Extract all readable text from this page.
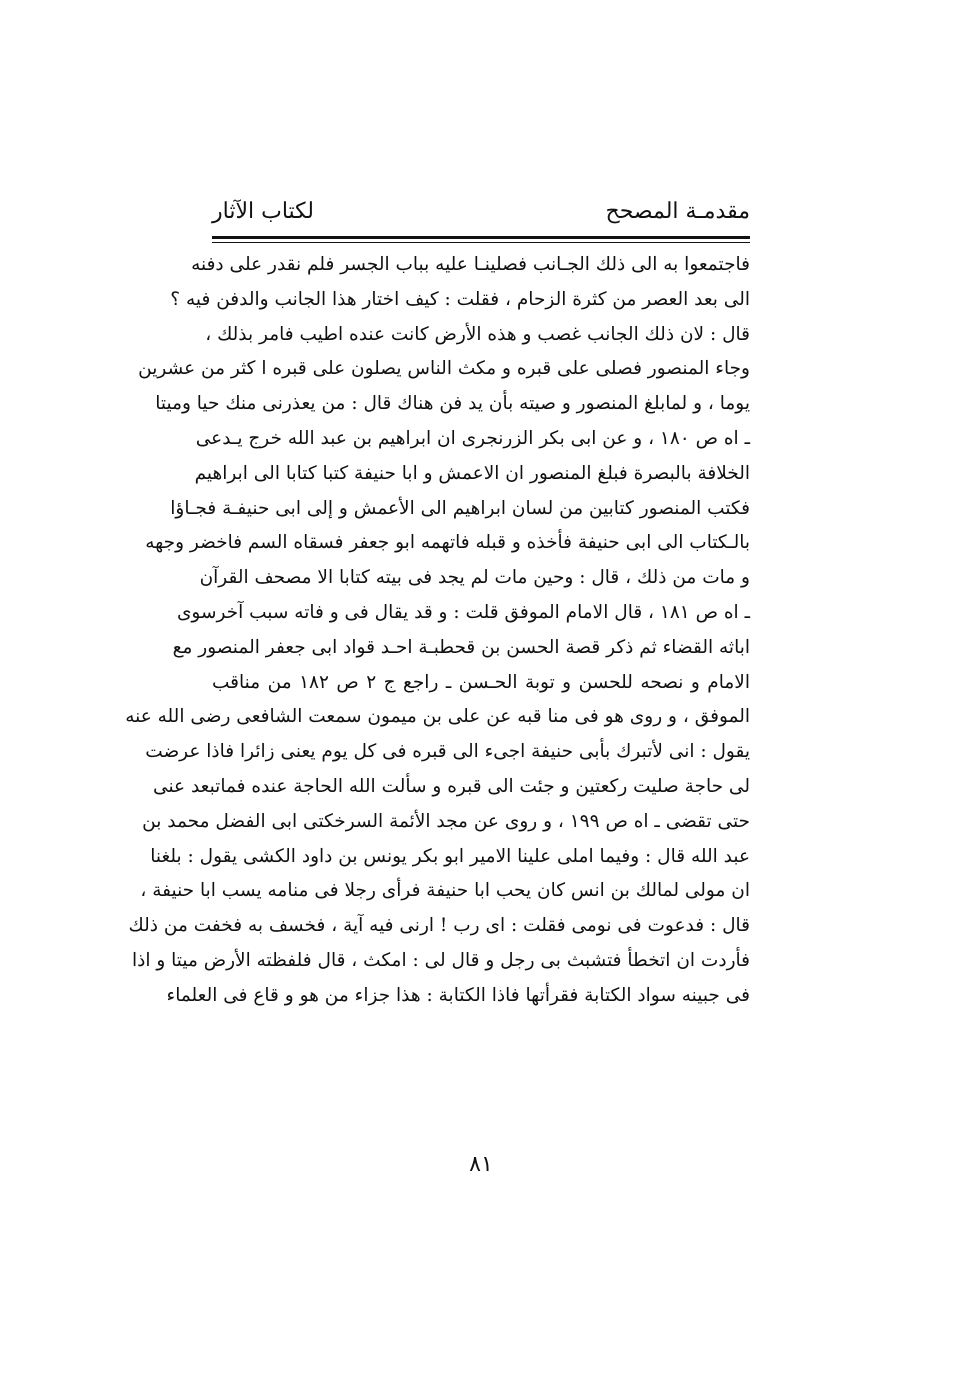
مقدمـة المصحح
لكتاب الآثار
فاجتمعوا به الى ذلك الجـانب فصلينـا عليه بباب الجسر فلم نقدر على دفنه
الى بعد العصر من كثرة الزحام ، فقلت : كيف اختار هذا الجانب والدفن فيه ؟
قال : لان ذلك الجانب غصب و هذه الأرض كانت عنده اطيب فامر بذلك ،
وجاء المنصور فصلى على قبره و مكث الناس يصلون على قبره ا كثر من عشرين
يوما ، و لمابلغ المنصور و صيته بأن يد فن هناك قال : من يعذرنى منك حيا وميتا
ـ اه ص ١٨٠ ، و عن ابى بكر الزرنجرى ان ابراهيم بن عبد الله خرج يـدعى
الخلافة بالبصرة فبلغ المنصور ان الاعمش و ابا حنيفة كتبا كتابا الى ابراهيم
فكتب المنصور كتابين من لسان ابراهيم الى الأعمش و إلى ابى حنيفـة فجـاؤا
بالـكتاب الى ابى حنيفة فأخذه و قبله فاتهمه ابو جعفر فسقاه السم فاخضر وجهه
و مات من ذلك ، قال : وحين مات لم يجد فى بيته كتابا الا مصحف القرآن
ـ اه ص ١٨١ ، قال الامام الموفق قلت : و قد يقال فى و فاته سبب آخرسوى
اباثه القضاء ثم ذكر قصة الحسن بن قحطبـة احـد قواد ابى جعفر المنصور مع
الامام و نصحه للحسن و توبة الحـسن ـ راجع ج ٢ ص ١٨٢ من مناقب
الموفق ، و روى هو فى منا قبه عن على بن ميمون سمعت الشافعى رضى الله عنه
يقول : انى لأتبرك بأبى حنيفة اجىء الى قبره فى كل يوم يعنى زائرا فاذا عرضت
لى حاجة صليت ركعتين و جئت الى قبره و سألت الله الحاجة عنده فماتبعد عنى
حتى تقضى ـ اه ص ١٩٩ ، و روى عن مجد الأئمة السرخكتى ابى الفضل محمد بن
عبد الله قال : وفيما املى علينا الامير ابو بكر يونس بن داود الكشى يقول : بلغنا
ان مولى لمالك بن انس كان يحب ابا حنيفة فرأى رجلا فى منامه يسب ابا حنيفة ،
قال : فدعوت فى نومى فقلت : اى رب ! ارنى فيه آية ، فخسف به فخفت من ذلك
فأردت ان اتخطأ فتشبث بى رجل و قال لى : امكث ، قال فلفظته الأرض ميتا و اذا
فى جبينه سواد الكتابة فقرأتها فاذا الكتابة : هذا جزاء من هو و قاع فى العلماء
٨١
